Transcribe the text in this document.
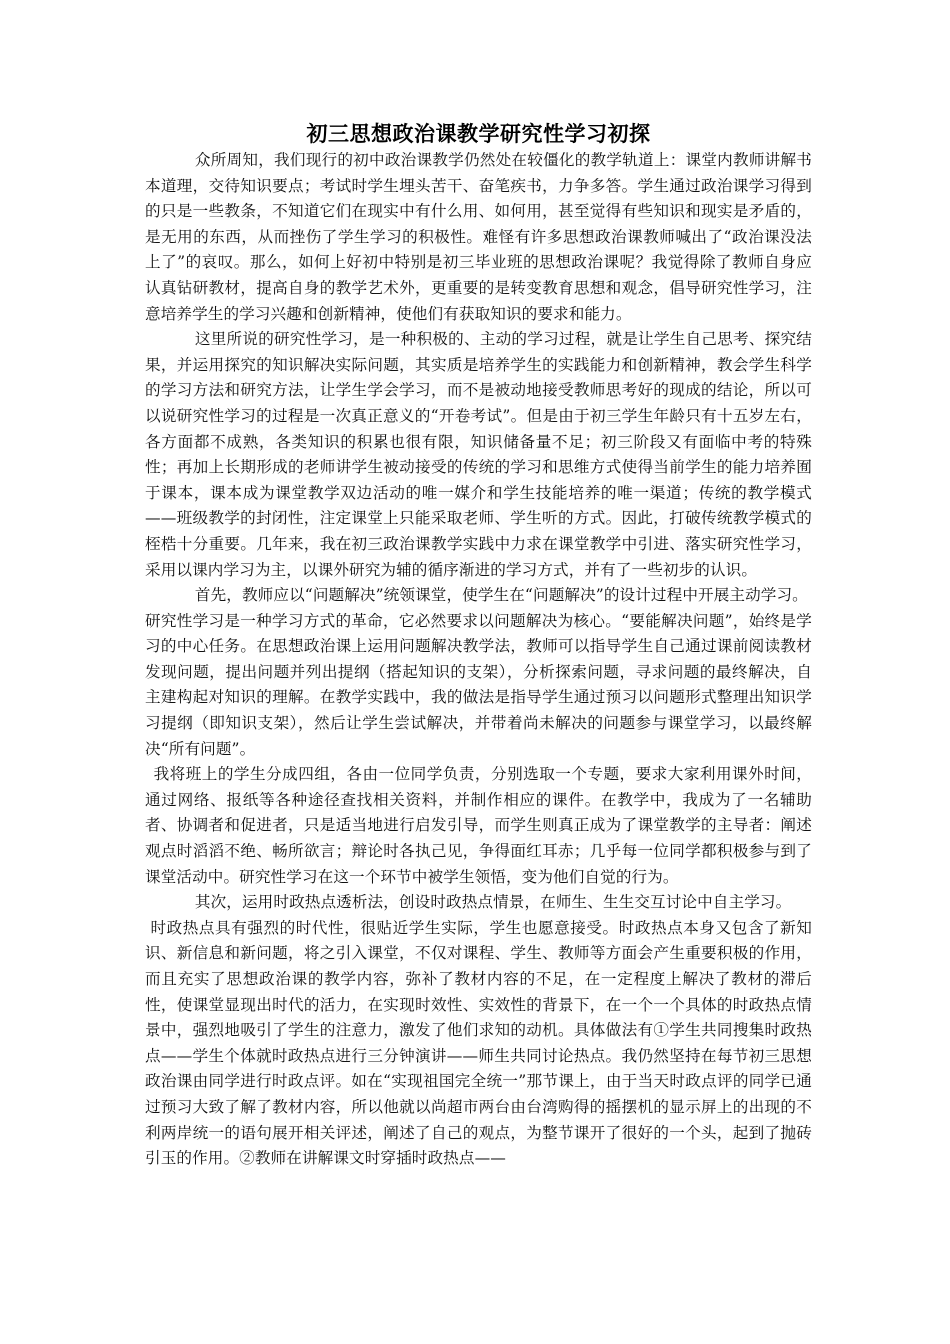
初三思想政治课教学研究性学习初探

众所周知，我们现行的初中政治课教学仍然处在较僵化的教学轨道上：课堂内教师讲解书本道理，交待知识要点；考试时学生埋头苦干、奋笔疾书，力争多答。学生通过政治课学习得到的只是一些教条，不知道它们在现实中有什么用、如何用，甚至觉得有些知识和现实是矛盾的，是无用的东西，从而挫伤了学生学习的积极性。难怪有许多思想政治课教师喊出了“政治课没法上了”的哀叹。那么，如何上好初中特别是初三毕业班的思想政治课呢？我觉得除了教师自身应认真钻研教材，提高自身的教学艺术外，更重要的是转变教育思想和观念，倡导研究性学习，注意培养学生的学习兴趣和创新精神，使他们有获取知识的要求和能力。

这里所说的研究性学习，是一种积极的、主动的学习过程，就是让学生自己思考、探究结果，并运用探究的知识解决实际问题，其实质是培养学生的实践能力和创新精神，教会学生科学的学习方法和研究方法，让学生学会学习，而不是被动地接受教师思考好的现成的结论，所以可以说研究性学习的过程是一次真正意义的“开卷考试”。但是由于初三学生年龄只有十五岁左右，各方面都不成熟，各类知识的积累也很有限，知识储备量不足；初三阶段又有面临中考的特殊性；再加上长期形成的老师讲学生被动接受的传统的学习和思维方式使得当前学生的能力培养囿于课本，课本成为课堂教学双边活动的唯一媒介和学生技能培养的唯一渠道；传统的教学模式——班级教学的封闭性，注定课堂上只能采取老师、学生听的方式。因此，打破传统教学模式的桎梏十分重要。几年来，我在初三政治课教学实践中力求在课堂教学中引进、落实研究性学习，采用以课内学习为主，以课外研究为辅的循序渐进的学习方式，并有了一些初步的认识。

首先，教师应以“问题解决”统领课堂，使学生在“问题解决”的设计过程中开展主动学习。

研究性学习是一种学习方式的革命，它必然要求以问题解决为核心。“要能解决问题”，始终是学习的中心任务。在思想政治课上运用问题解决教学法，教师可以指导学生自己通过课前阅读教材发现问题，提出问题并列出提纲（搭起知识的支架），分析探索问题，寻求问题的最终解决，自主建构起对知识的理解。在教学实践中，我的做法是指导学生通过预习以问题形式整理出知识学习提纲（即知识支架），然后让学生尝试解决，并带着尚未解决的问题参与课堂学习，以最终解决“所有问题”。

我将班上的学生分成四组，各由一位同学负责，分别选取一个专题，要求大家利用课外时间，通过网络、报纸等各种途径查找相关资料，并制作相应的课件。在教学中，我成为了一名辅助者、协调者和促进者，只是适当地进行启发引导，而学生则真正成为了课堂教学的主导者：阐述观点时滔滔不绝、畅所欲言；辩论时各执己见，争得面红耳赤；几乎每一位同学都积极参与到了课堂活动中。研究性学习在这一个环节中被学生领悟，变为他们自觉的行为。

其次，运用时政热点透析法，创设时政热点情景，在师生、生生交互讨论中自主学习。

时政热点具有强烈的时代性，很贴近学生实际，学生也愿意接受。时政热点本身又包含了新知识、新信息和新问题，将之引入课堂，不仅对课程、学生、教师等方面会产生重要积极的作用，而且充实了思想政治课的教学内容，弥补了教材内容的不足，在一定程度上解决了教材的滞后性，使课堂显现出时代的活力，在实现时效性、实效性的背景下，在一个一个具体的时政热点情景中，强烈地吸引了学生的注意力，激发了他们求知的动机。具体做法有①学生共同搜集时政热点——学生个体就时政热点进行三分钟演讲——师生共同讨论热点。我仍然坚持在每节初三思想政治课由同学进行时政点评。如在“实现祖国完全统一”那节课上，由于当天时政点评的同学已通过预习大致了解了教材内容，所以他就以尚超市两台由台湾购得的摇摆机的显示屏上的出现的不利两岸统一的语句展开相关评述，阐述了自己的观点，为整节课开了很好的一个头，起到了抛砖引玉的作用。②教师在讲解课文时穿插时政热点——
